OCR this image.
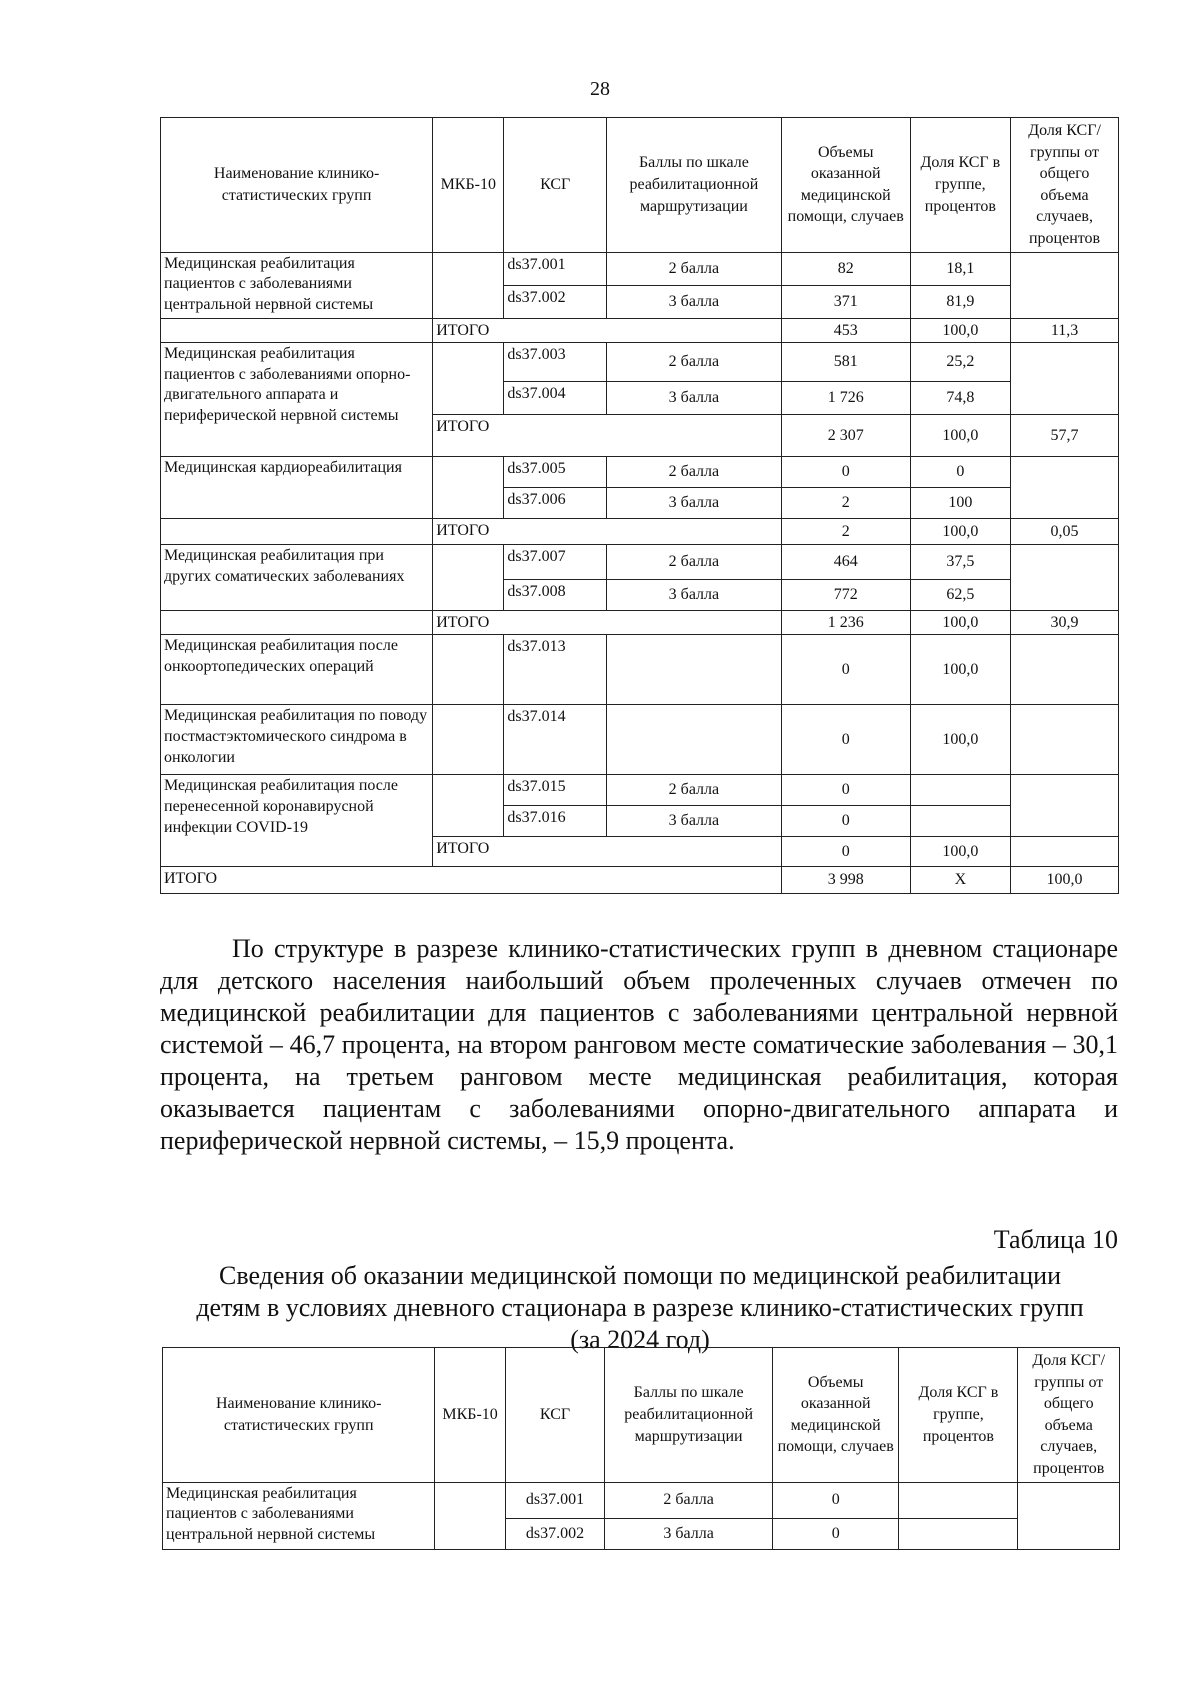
28
Наименование клинико-статистических групп	МКБ-10	КСГ	Баллы по шкале реабилитационной маршрутизации	Объемы оказанной медицинской помощи, случаев	Доля КСГ в группе, процентов	Доля КСГ/группы от общего объема случаев, процентов
Медицинская реабилитация пациентов с заболеваниями центральной нервной системы		ds37.001	2 балла	82	18,1	
		ds37.002	3 балла	371	81,9	
	ИТОГО			453	100,0	11,3
Медицинская реабилитация пациентов с заболеваниями опорно-двигательного аппарата и периферической нервной системы		ds37.003	2 балла	581	25,2	
		ds37.004	3 балла	1 726	74,8	
	ИТОГО			2 307	100,0	57,7
Медицинская кардиореабилитация		ds37.005	2 балла	0	0	
		ds37.006	3 балла	2	100	
	ИТОГО			2	100,0	0,05
Медицинская реабилитация при других соматических заболеваниях		ds37.007	2 балла	464	37,5	
		ds37.008	3 балла	772	62,5	
	ИТОГО			1 236	100,0	30,9
Медицинская реабилитация после онкоортопедических операций		ds37.013		0	100,0	
Медицинская реабилитация по поводу постмастэктомического синдрома в онкологии		ds37.014		0	100,0	
Медицинская реабилитация после перенесенной коронавирусной инфекции COVID-19		ds37.015	2 балла	0		
		ds37.016	3 балла	0		
	ИТОГО			0	100,0	
ИТОГО				3 998	Х	100,0

По структуре в разрезе клинико-статистических групп в дневном стационаре для детского населения наибольший объем пролеченных случаев отмечен по медицинской реабилитации для пациентов с заболеваниями центральной нервной системой – 46,7 процента, на втором ранговом месте соматические заболевания – 30,1 процента, на третьем ранговом месте медицинская реабилитация, которая оказывается пациентам с заболеваниями опорно-двигательного аппарата и периферической нервной системы, – 15,9 процента.

Таблица 10
Сведения об оказании медицинской помощи по медицинской реабилитации
детям в условиях дневного стационара в разрезе клинико-статистических групп
(за 2024 год)
Наименование клинико-статистических групп	МКБ-10	КСГ	Баллы по шкале реабилитационной маршрутизации	Объемы оказанной медицинской помощи, случаев	Доля КСГ в группе, процентов	Доля КСГ/группы от общего объема случаев, процентов
Медицинская реабилитация пациентов с заболеваниями центральной нервной системы		ds37.001	2 балла	0		
		ds37.002	3 балла	0		
